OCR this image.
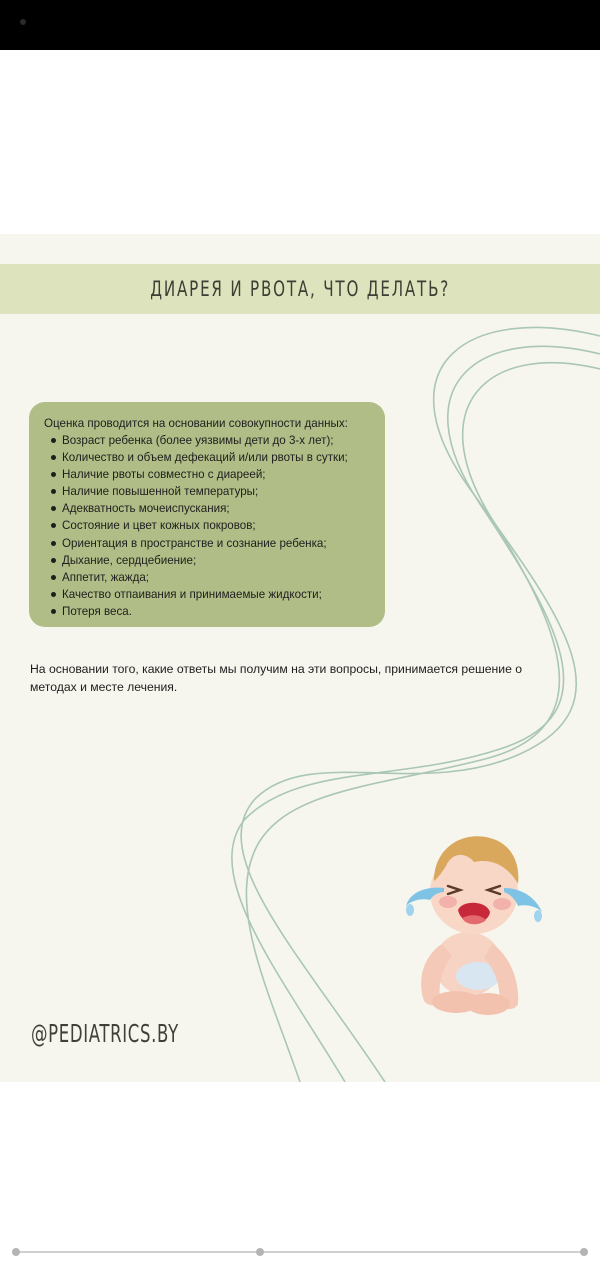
ДИАРЕЯ И РВОТА, ЧТО ДЕЛАТЬ?

Оценка проводится на основании совокупности данных:

Возраст ребенка (более уязвимы дети до 3-х лет);
Количество и объем дефекаций и/или рвоты в сутки;
Наличие рвоты совместно с диареей;
Наличие повышенной температуры;
Адекватность мочеиспускания;
Состояние и цвет кожных покровов;
Ориентация в пространстве и сознание ребенка;
Дыхание, сердцебиение;
Аппетит, жажда;
Качество отпаивания и принимаемые жидкости;
Потеря веса.
На основании того, какие ответы мы получим на эти вопросы, принимается решение о методах и месте лечения.
@PEDIATRICS.BY
